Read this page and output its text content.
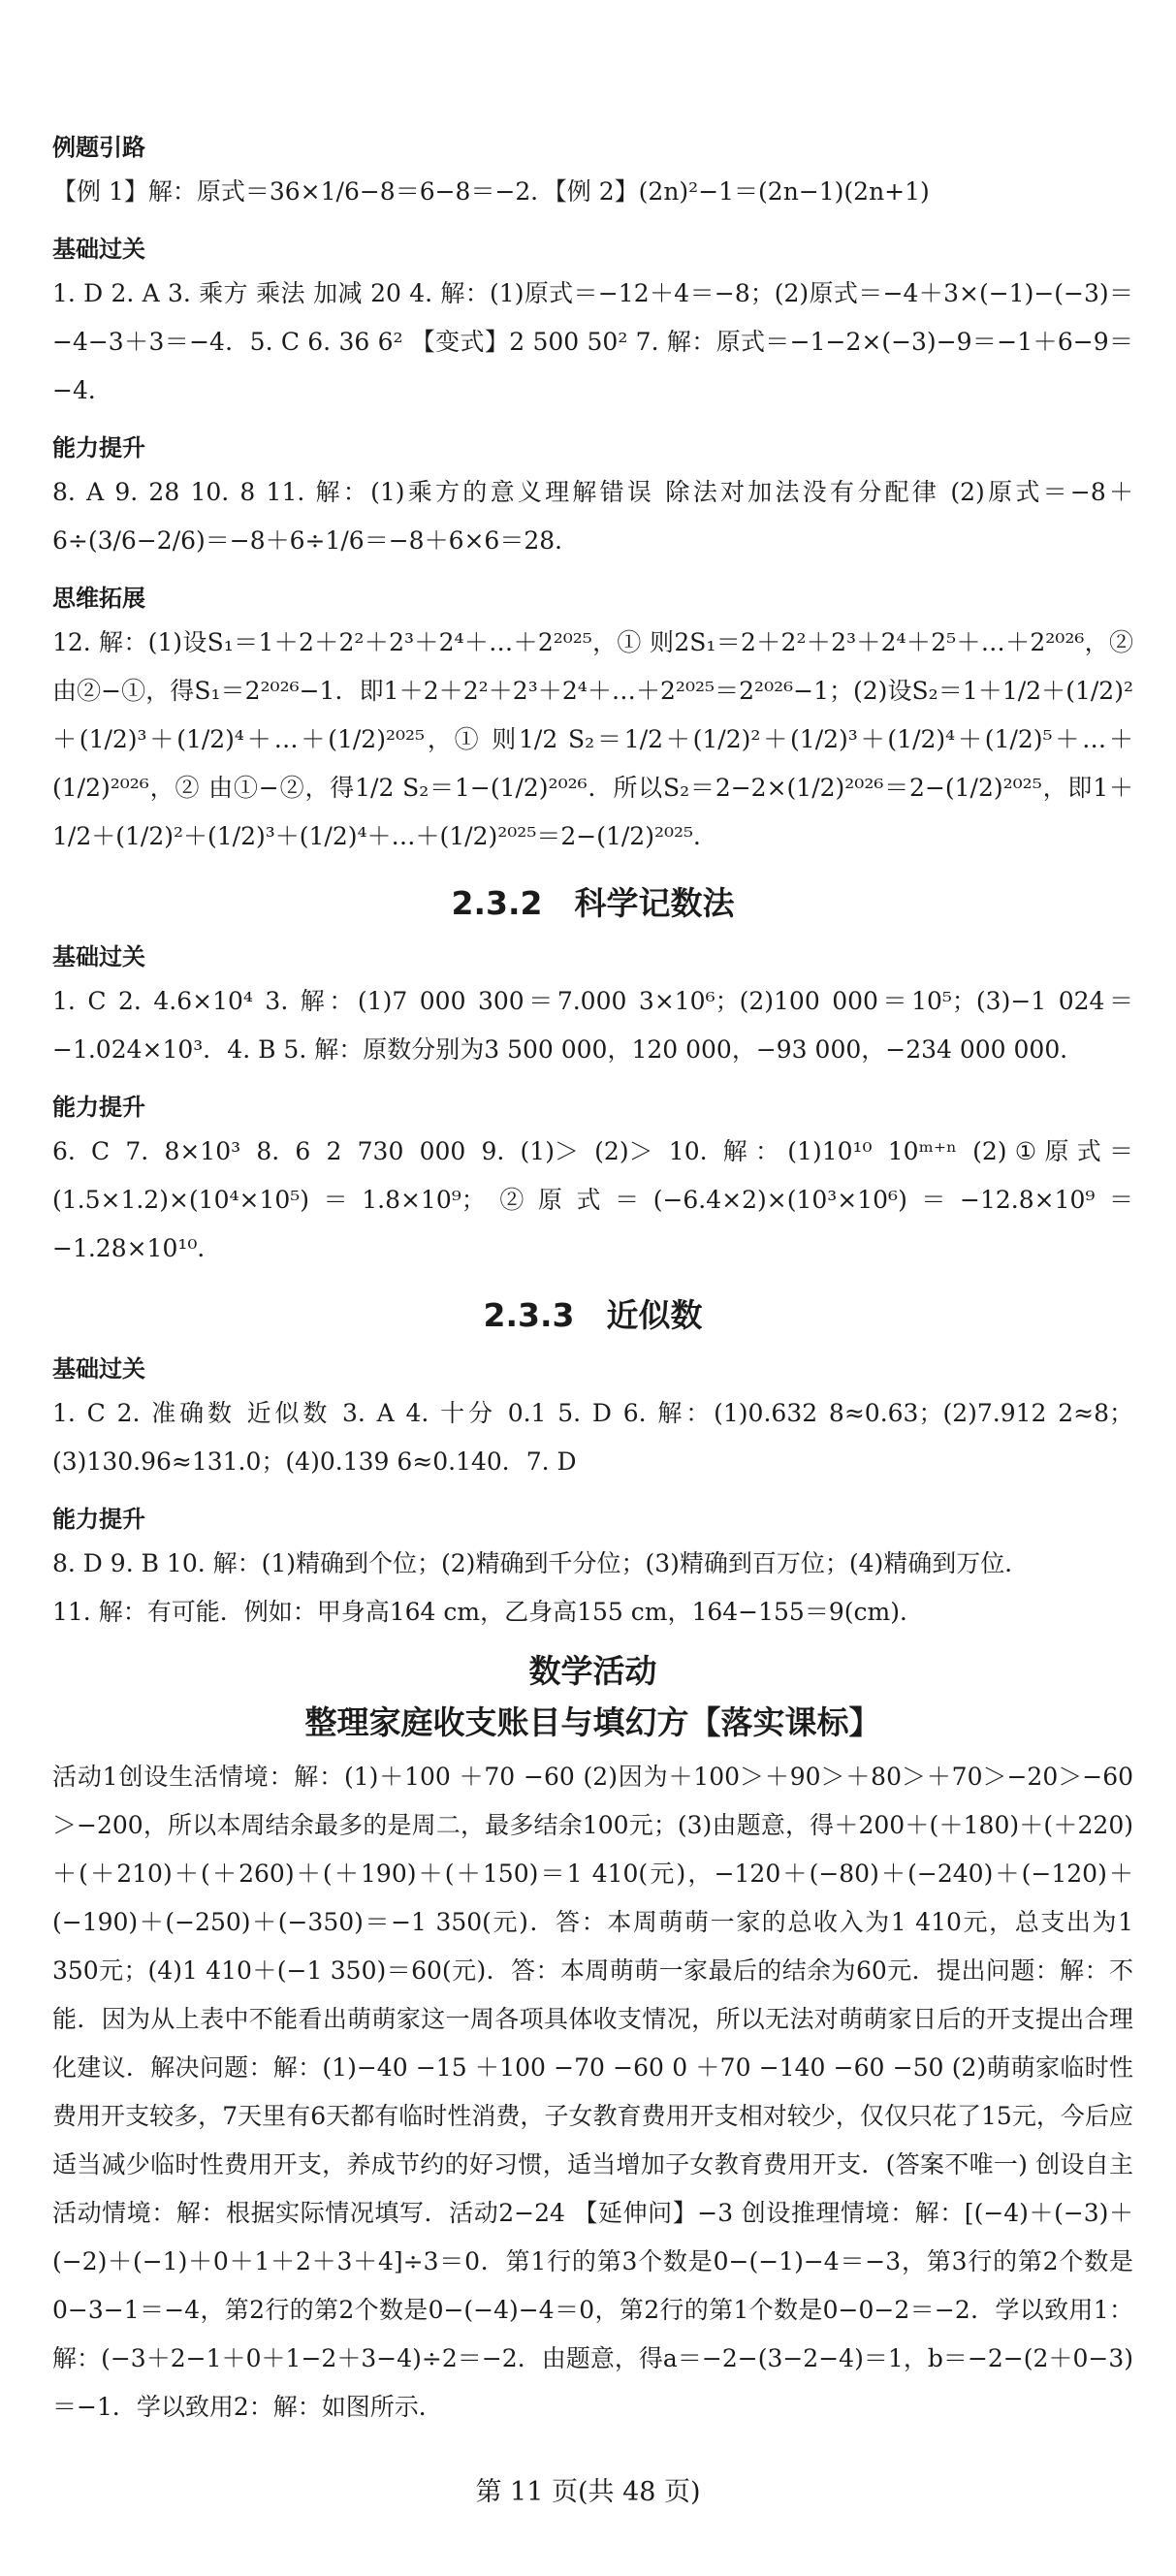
例题引路

【例 1】解：原式＝36×1/6−8＝6−8＝−2．【例 2】(2n)²−1＝(2n−1)(2n+1)

基础过关

1. D 2. A 3. 乘方 乘法 加减 20 4. 解：(1)原式＝−12＋4＝−8；(2)原式＝−4＋3×(−1)−(−3)＝−4−3＋3＝−4．5. C 6. 36 6² 【变式】2 500 50² 7. 解：原式＝−1−2×(−3)−9＝−1＋6−9＝−4．

能力提升

8. A 9. 28 10. 8 11. 解：(1)乘方的意义理解错误 除法对加法没有分配律 (2)原式＝−8＋6÷(3/6−2/6)＝−8＋6÷1/6＝−8＋6×6＝28．

思维拓展

12. 解：(1)设S₁＝1＋2＋2²＋2³＋2⁴＋…＋2²⁰²⁵，① 则2S₁＝2＋2²＋2³＋2⁴＋2⁵＋…＋2²⁰²⁶，② 由②−①，得S₁＝2²⁰²⁶−1．即1＋2＋2²＋2³＋2⁴＋…＋2²⁰²⁵＝2²⁰²⁶−1；(2)设S₂＝1＋1/2＋(1/2)²＋(1/2)³＋(1/2)⁴＋…＋(1/2)²⁰²⁵，① 则1/2 S₂＝1/2＋(1/2)²＋(1/2)³＋(1/2)⁴＋(1/2)⁵＋…＋(1/2)²⁰²⁶，② 由①−②，得1/2 S₂＝1−(1/2)²⁰²⁶．所以S₂＝2−2×(1/2)²⁰²⁶＝2−(1/2)²⁰²⁵，即1＋1/2＋(1/2)²＋(1/2)³＋(1/2)⁴＋…＋(1/2)²⁰²⁵＝2−(1/2)²⁰²⁵．

2.3.2　科学记数法
基础过关

1. C 2. 4.6×10⁴ 3. 解：(1)7 000 300＝7.000 3×10⁶；(2)100 000＝10⁵；(3)−1 024＝−1.024×10³．4. B 5. 解：原数分别为3 500 000，120 000，−93 000，−234 000 000．

能力提升

6. C 7. 8×10³ 8. 6 2 730 000 9. (1)＞ (2)＞ 10. 解：(1)10¹⁰ 10ᵐ⁺ⁿ (2)①原式＝(1.5×1.2)×(10⁴×10⁵)＝1.8×10⁹；②原式＝(−6.4×2)×(10³×10⁶)＝−12.8×10⁹＝−1.28×10¹⁰．

2.3.3　近似数
基础过关

1. C 2. 准确数 近似数 3. A 4. 十分 0.1 5. D 6. 解：(1)0.632 8≈0.63；(2)7.912 2≈8；(3)130.96≈131.0；(4)0.139 6≈0.140．7. D

能力提升

8. D 9. B 10. 解：(1)精确到个位；(2)精确到千分位；(3)精确到百万位；(4)精确到万位．

11. 解：有可能．例如：甲身高164 cm，乙身高155 cm，164−155＝9(cm)．

数学活动
整理家庭收支账目与填幻方【落实课标】

活动1创设生活情境：解：(1)＋100 ＋70 −60 (2)因为＋100＞＋90＞＋80＞＋70＞−20＞−60＞−200，所以本周结余最多的是周二，最多结余100元；(3)由题意，得＋200＋(＋180)＋(＋220)＋(＋210)＋(＋260)＋(＋190)＋(＋150)＝1 410(元)，−120＋(−80)＋(−240)＋(−120)＋(−190)＋(−250)＋(−350)＝−1 350(元)．答：本周萌萌一家的总收入为1 410元，总支出为1 350元；(4)1 410＋(−1 350)＝60(元)．答：本周萌萌一家最后的结余为60元．提出问题：解：不能．因为从上表中不能看出萌萌家这一周各项具体收支情况，所以无法对萌萌家日后的开支提出合理化建议．解决问题：解：(1)−40 −15 ＋100 −70 −60 0 ＋70 −140 −60 −50 (2)萌萌家临时性费用开支较多，7天里有6天都有临时性消费，子女教育费用开支相对较少，仅仅只花了15元，今后应适当减少临时性费用开支，养成节约的好习惯，适当增加子女教育费用开支．(答案不唯一) 创设自主活动情境：解：根据实际情况填写．活动2−24 【延伸问】−3 创设推理情境：解：[(−4)＋(−3)＋(−2)＋(−1)＋0＋1＋2＋3＋4]÷3＝0．第1行的第3个数是0−(−1)−4＝−3，第3行的第2个数是0−3−1＝−4，第2行的第2个数是0−(−4)−4＝0，第2行的第1个数是0−0−2＝−2．学以致用1：解：(−3＋2−1＋0＋1−2＋3−4)÷2＝−2．由题意，得a＝−2−(3−2−4)＝1，b＝−2−(2＋0−3)＝−1．学以致用2：解：如图所示．

第 11 页(共 48 页)
